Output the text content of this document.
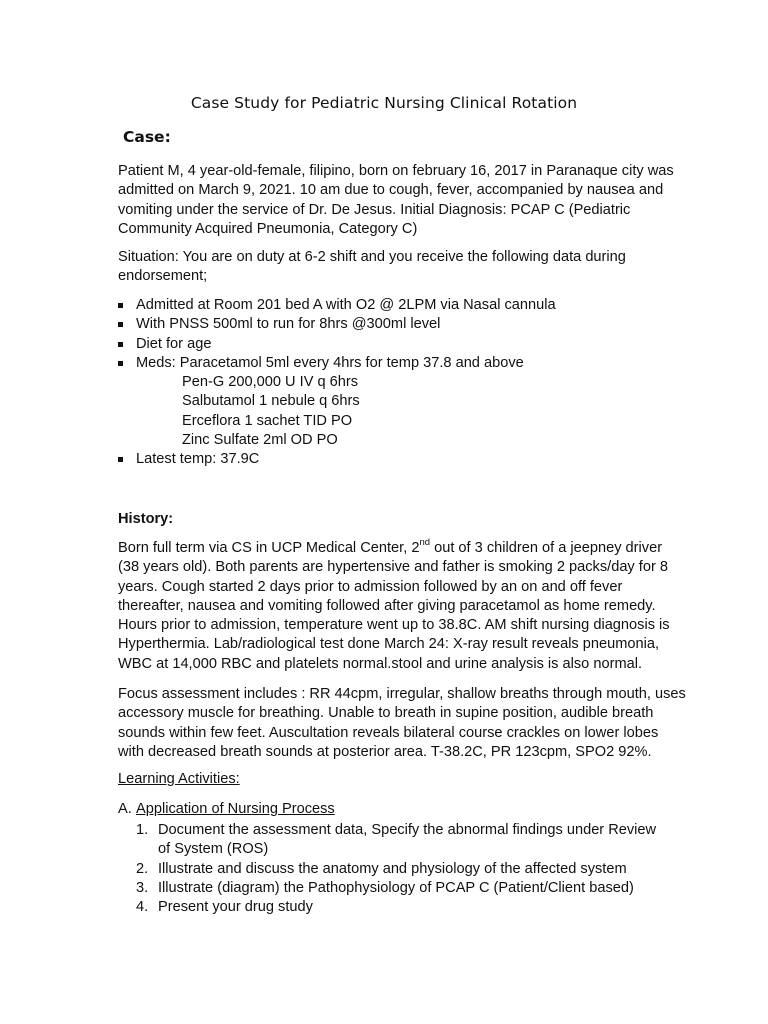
Case Study for Pediatric Nursing Clinical Rotation
Case:

Patient M, 4 year-old-female, filipino, born on february 16, 2017 in Paranaque city was
admitted on March 9, 2021. 10 am due to cough, fever, accompanied by nausea and
vomiting under the service of Dr. De Jesus. Initial Diagnosis: PCAP C (Pediatric
Community Acquired Pneumonia, Category C)

Situation: You are on duty at 6-2 shift and you receive the following data during
endorsement;

Admitted at Room 201 bed A with O2 @ 2LPM via Nasal cannula
With PNSS 500ml to run for 8hrs @300ml level
Diet for age
Meds: Paracetamol 5ml every 4hrs for temp 37.8 and above
Pen-G 200,000 U IV q 6hrs
Salbutamol 1 nebule q 6hrs
Erceflora 1 sachet TID PO
Zinc Sulfate 2ml OD PO
Latest temp: 37.9C
History:

Born full term via CS in UCP Medical Center, 2nd out of 3 children of a jeepney driver
(38 years old). Both parents are hypertensive and father is smoking 2 packs/day for 8
years. Cough started 2 days prior to admission followed by an on and off fever
thereafter, nausea and vomiting followed after giving paracetamol as home remedy.
Hours prior to admission, temperature went up to 38.8C. AM shift nursing diagnosis is
Hyperthermia. Lab/radiological test done March 24: X-ray result reveals pneumonia,
WBC at 14,000 RBC and platelets normal.stool and urine analysis is also normal.

Focus assessment includes : RR 44cpm, irregular, shallow breaths through mouth, uses
accessory muscle for breathing. Unable to breath in supine position, audible breath
sounds within few feet. Auscultation reveals bilateral course crackles on lower lobes
with decreased breath sounds at posterior area. T-38.2C, PR 123cpm, SPO2 92%.

Learning Activities:

A. Application of Nursing Process

1. Document the assessment data, Specify the abnormal findings under Review
of System (ROS)
2. Illustrate and discuss the anatomy and physiology of the affected system
3. Illustrate (diagram) the Pathophysiology of PCAP C (Patient/Client based)
4. Present your drug study
